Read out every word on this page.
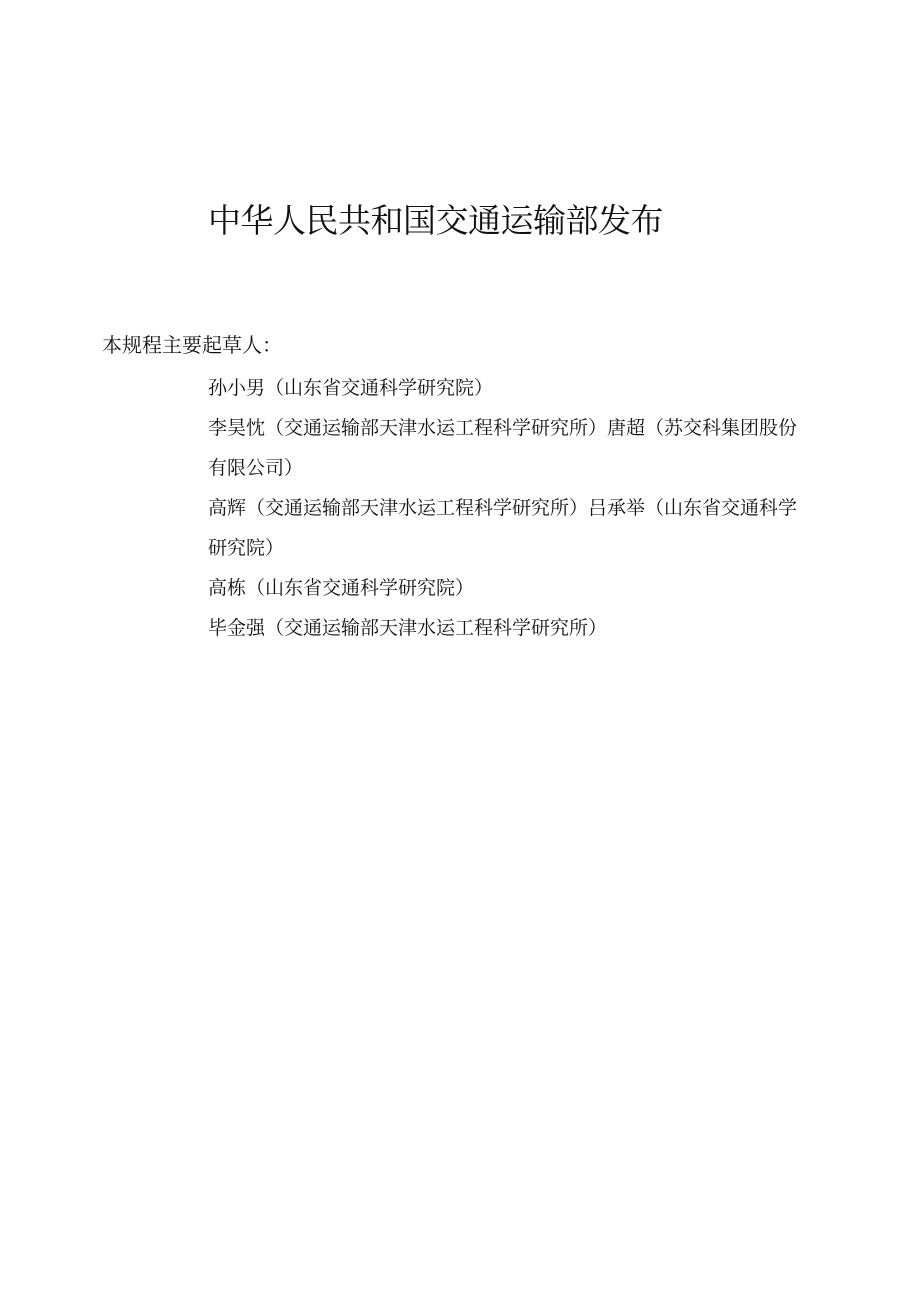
中华人民共和国交通运输部发布
本规程主要起草人：
孙小男（山东省交通科学研究院）
李昊忱（交通运输部天津水运工程科学研究所）唐超（苏交科集团股份有限公司）
高辉（交通运输部天津水运工程科学研究所）吕承举（山东省交通科学研究院）
高栋（山东省交通科学研究院）
毕金强（交通运输部天津水运工程科学研究所）
